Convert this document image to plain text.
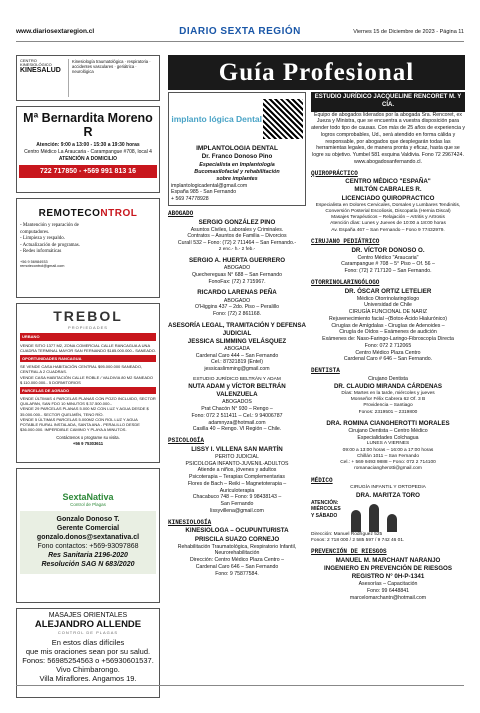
www.diariosextaregion.cl	DIARIO SEXTA REGIÓN	Viernes 15 de Diciembre de 2023 - Página 11
CENTRO KINESIOLÓGICO
KINESALUD
Kinesiología traumatológica · respiratoria · accidentes vasculares · geriátrica · neurológica
Mª Bernardita Moreno R
Atención: 9:00 a 13:00 - 15:30 a 19:30 horas
Centro Médico La Araucaria - Carampangue #708, local 4
ATENCIÓN A DOMICILIO
722 717850 - +569 991 813 16
REMOTECONTROL
- Mantención y reparación de computadores.
- Limpieza y respaldo.
- Actualización de programas.
- Redes informáticas
+56 9 56984933
remotecontrol@gmail.com
TREBOL
PROPIEDADES
URBANO
VENDE SITIO 1377 M2, ZONA COMERCIAL CALLE RANCAGUA A UNA CUADRA TERMINAL MAYOR SAN FERNANDO $185.000.000.- SANEADO.
OPORTUNIDADES RANCAGUA
SE VENDE CASA HABITACIÓN CENTRAL $95.000.000 SANEADO, CENTRAL A 2 CUADRAS.
VENDE CASA HABITACIÓN CALLE ROBLE / VALDIVIA 80 M2 SANEADO $ 110.000.000.- 5 DORMITORIOS
PARCELAS DE AGRADO
VENDE ÚLTIMAS 4 PARCELAS PLANAS CON POZO INCLUIDO, SECTOR QUILAPAN, SAN FDO 10 MINUTOS $ 37.500.000.-
VENDE 29 PARCELAS PLANAS 5.000 M2 CON LUZ Y AGUA DESDE $ 35.000.000.- SECTOR QUELMÉN, TENO RÍO.
VENDE 5 ÚLTIMAS PARCELAS 5.000M2 CON ROL LUZ Y AGUA POTABLE RURAL INSTALADA, SANTA ANA - PERALILLO DESDE $36.000.000. IMPERDIBLE CAMINO Y PLAYA A MINUTOS.
Contáctenos o programe su visita.
+56 9 75303611
SextaNativa
Control de Plagas
Gonzalo Donoso T.
Gerente Comercial
gonzalo.donos@sextanativa.cl
Fono contactos: +569-93097868
Res Sanitaria 2196-2020
Resolución SAG N 683/2020
MASAJES ORIENTALES
ALEJANDRO ALLENDE
CONTROL DE PLAGAS
En estos días difíciles
que mis oraciones sean por su salud.
Fonos: 56985254563 o +56930601537.
Vivo Chimbarongo.
Villa Miraflores. Angamos 19.
Guía Profesional
implanto lógica Dental
IMPLANTOLOGIA DENTAL
Dr. Franco Donoso Pino
Especialista en Implantología
Bucomaxilofacial y rehabilitación
sobre implantes
implantologicadental@gmail.com
España 985 - San Fernando
+ 569 74778928
ABOGADO
SERGIO GONZÁLEZ PINO
Asuntos Civiles, Laborales y Criminales.
Contratos – Asuntos de Familia – Divorcios
Curalí 532 – Fono: (72) 2 711464 – San Fernando.-
2 enc.- h.- 2 feb.-
SERGIO A. HUERTA GUERRERO
ABOGADO
Quechereguas N° 688 – San Fernando
FonoFax: (72) 2 715967.
RICARDO LARENAS PEÑA
ABOGADO
O'Higgins 437 – 2do. Piso – Peralillo
Fono: (72) 2 861168.
ASESORÍA LEGAL, TRAMITACIÓN Y DEFENSA JUDICIAL
JESSICA SLIMMING VELÁSQUEZ
ABOGADA
Cardenal Caro 444 – San Fernando
Cel.: 87321819 (Entel)
jessicaslimming@gmail.com
ESTUDIO JURÍDICO BELTRÁN Y ADAM
NUTA ADAM y VÍCTOR BELTRÁN VALENZUELA
ABOGADOS
Prat Chacón N° 930 – Rengo –
Fono: 072 2 511411 – Cel.: 9 94006787
adamnyza@hotmail.com
Casilla 40 – Rengo. VI Región – Chile.
PSICOLOGÍA
LISSY I. VILLENA SAN MARTÍN
PERITO JUDICIAL
PSICOLOGA INFANTO-JUVENIL-ADULTOS
Atiende a niños, jóvenes y adultos
Psicoterapia – Terapias Complementarias
Flores de Bach – Reiki – Magnetoterapia –
Auriculoterapia
Chacabuco 748 – Fono: 9 98438143 –
San Fernando
lissyvillena@gmail.com
KINESIOLOGÍA
KINESIOLOGA – OCUPUNTURISTA
PRISCILA SUAZO CORNEJO
Rehabilitación Traumatológica, Respiratorio Infantil,
Neurorehabilitación
Dirección: Centro Médico Plaza Centro –
Cardenal Caro 646 – San Fernando
Fono: 9 75877584.
ESTUDIO JURÍDICO JACQUELINE RENCORET M. Y CÍA.
Equipo de abogados liderados por la abogada Sra. Rencoret, ex Jueza y Ministra, que se encuentra a vuestra disposición para atender todo tipo de causas. Con más de 25 años de experiencia y logros comprobables, Ud., será atendido en forma cálida y responsable, por abogados que desplegarán todas las herramientas legales, de manera pronta y eficaz, hasta que se logre su objetivo. Yumbel 581 esquina Valdivia. Fono 72 2967424.
www.abogadosanfernando.cl.
QUIROPRÁCTICO
CENTRO MÉDICO "ESPAÑA"
MILTÓN CABRALES R.
LICENCIADO QUIROPRACTICO
Especialista en Dolores Cervicales, Dorsales y Lumbares Tendinitis, Conversión Posterial Escoliosis, Discopatía (Hernia Discal)
Masajes Terapéuticos – Relajación – Artritis y Artrosis
Atención días: Lunes y Jueves de 10:00 a 18:00 horas
Av. España 467 – San Fernando – Fono 9 77432979.
CIRUJANO PEDIÁTRICO
DR. VÍCTOR DONOSO O.
Centro Médico "Araucaria"
Carampangue # 708 – 5° Piso – Of. 56 –
Fono: (72) 2 717120 – San Fernando.
OTORRINOLARINGÓLOGO
DR. ÓSCAR ORTIZ LETELIER
Médico Otorrinolaringólogo
Universidad de Chile
CIRUGÍA FUNCIONAL DE NARIZ
Rejuvenecimiento facial –(Botox-Ácido Hialurónico)
Cirugías de Amígdalas - Cirugías de Adenoides –
Cirugía de Oídos – Exámenes de audición
Exámenes de: Naso-Faringo-Laringo-Fibroscopía Directa
Fono: 072 2 712065
Centro Médico Plaza Centro
Cardenal Caro # 646 – San Fernando.
DENTISTA
Cirujano Dentista
DR. CLAUDIO MIRANDA CÁRDENAS
Días: Martes en la tarde, miércoles y jueves
Monseñor Félix Cabrera 62 Of. 3 B
Providencia – Santiago
Fonos: 2319501 – 2319800
DRA. ROMINA CIANGHEROTTI MORALES
Cirujano Dentista – Centro Médico
Especialidades Colchagua
LUNES A VIERNES
09:00 a 13:00 horas – 16:00 a 17:00 horas
Chillán 1011 – San Fernando
Cel.: + 569 9493 9888 – Fono: 072 2 714100
romanaciangherotti@gmail.com
MÉDICO
CIRUGÍA INFANTIL Y ORTOPEDIA
DRA. MARITZA TORO
ATENCIÓN:
MIÉRCOLES
Y SÁBADO
Dirección: Manuel Rodríguez 525
Fonos: 2 718 000 / 2 585 597 / 9 742 46 01.
PREVENCIÓN DE RIESGOS
MANUEL M. MARCHANT NARANJO
INGENIERO EN PREVENCIÓN DE RIESGOS
REGISTRO N° 0H-P-1341
Asesorías – Capacitación
Fono: 99 6448841
marcelomarchantn@hotmail.com
